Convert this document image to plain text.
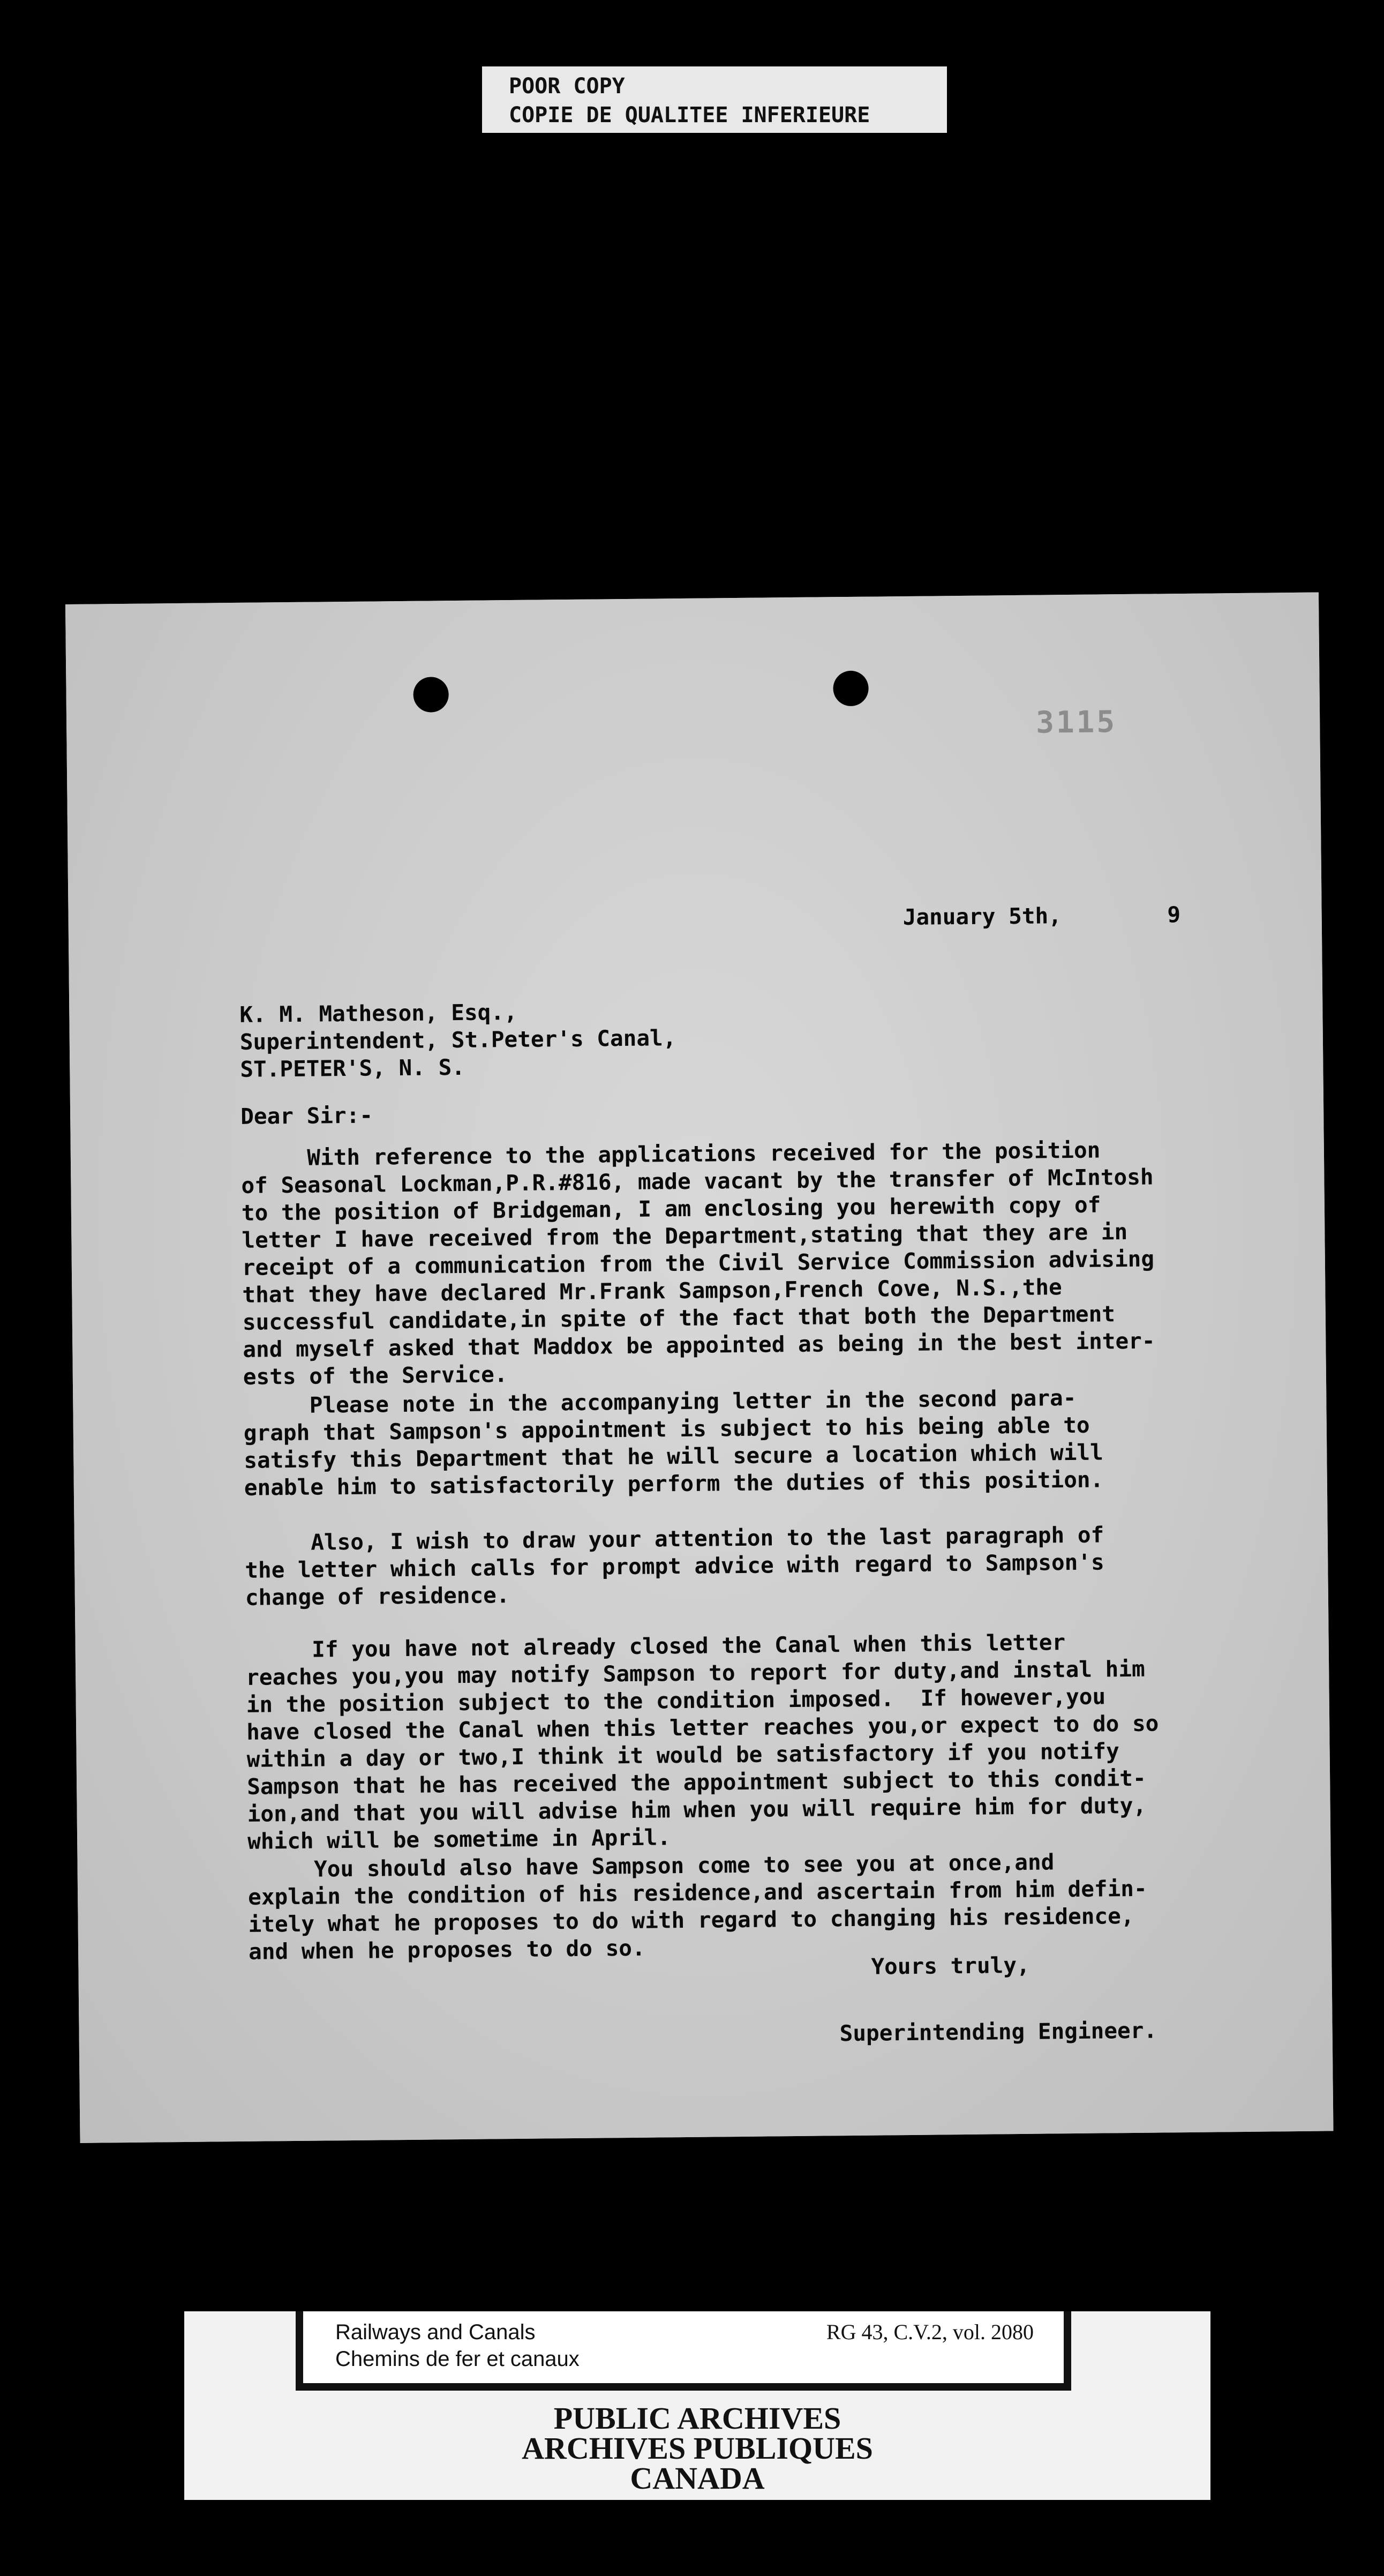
POOR COPY
COPIE DE QUALITEE INFERIEURE
3115
January 5th,        9
K. M. Matheson, Esq.,
Superintendent, St.Peter's Canal,
ST.PETER'S, N. S.
Dear Sir:-
With reference to the applications received for the position
of Seasonal Lockman,P.R.#816, made vacant by the transfer of McIntosh
to the position of Bridgeman, I am enclosing you herewith copy of
letter I have received from the Department,stating that they are in
receipt of a communication from the Civil Service Commission advising
that they have declared Mr.Frank Sampson,French Cove, N.S.,the
successful candidate,in spite of the fact that both the Department
and myself asked that Maddox be appointed as being in the best inter-
ests of the Service.
Please note in the accompanying letter in the second para-
graph that Sampson's appointment is subject to his being able to
satisfy this Department that he will secure a location which will
enable him to satisfactorily perform the duties of this position.
Also, I wish to draw your attention to the last paragraph of
the letter which calls for prompt advice with regard to Sampson's
change of residence.
If you have not already closed the Canal when this letter
reaches you,you may notify Sampson to report for duty,and instal him
in the position subject to the condition imposed.  If however,you
have closed the Canal when this letter reaches you,or expect to do so
within a day or two,I think it would be satisfactory if you notify
Sampson that he has received the appointment subject to this condit-
ion,and that you will advise him when you will require him for duty,
which will be sometime in April.
You should also have Sampson come to see you at once,and
explain the condition of his residence,and ascertain from him defin-
itely what he proposes to do with regard to changing his residence,
and when he proposes to do so.
Yours truly,
Superintending Engineer.
Railways and Canals
Chemins de fer et canaux
RG 43, C.V.2, vol. 2080
PUBLIC ARCHIVES
ARCHIVES PUBLIQUES
CANADA
